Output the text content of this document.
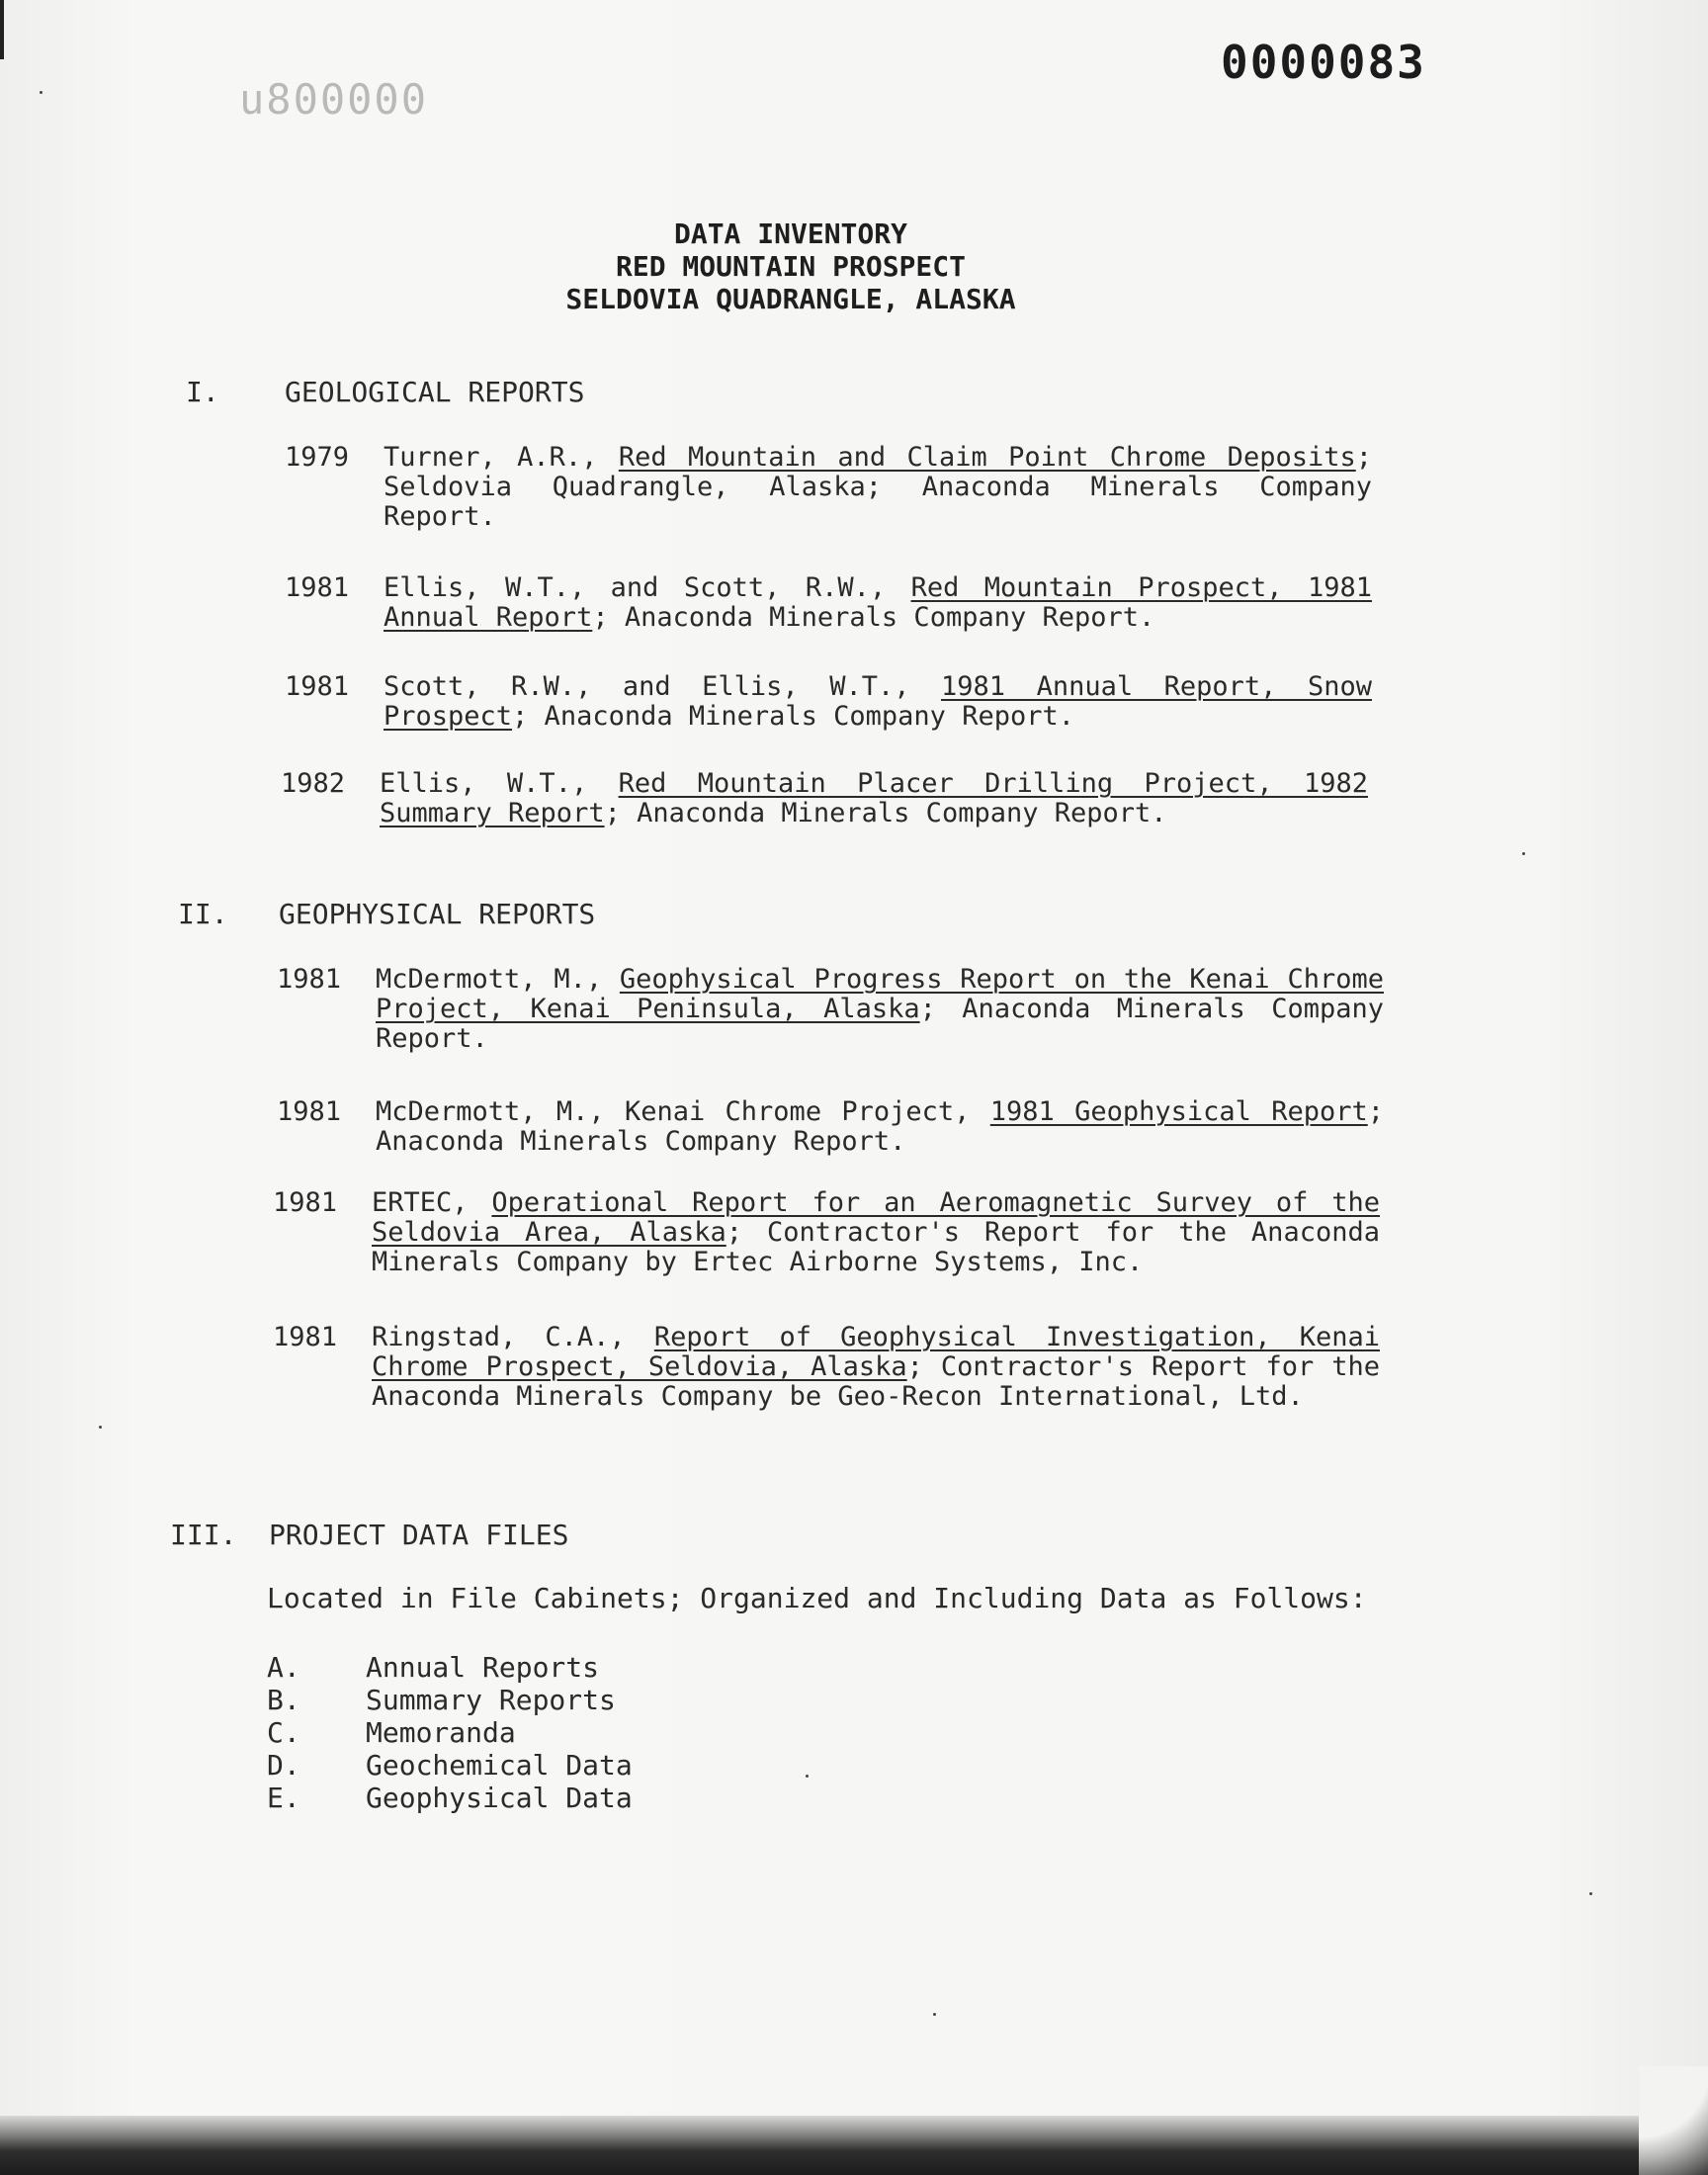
u800000
0000083
DATA INVENTORY
RED MOUNTAIN PROSPECT
SELDOVIA QUADRANGLE, ALASKA
I. GEOLOGICAL REPORTS
1979 Turner, A.R., Red Mountain and Claim Point Chrome Deposits; Seldovia Quadrangle, Alaska; Anaconda Minerals Company Report.
1981 Ellis, W.T., and Scott, R.W., Red Mountain Prospect, 1981 Annual Report; Anaconda Minerals Company Report.
1981 Scott, R.W., and Ellis, W.T., 1981 Annual Report, Snow Prospect; Anaconda Minerals Company Report.
1982 Ellis, W.T., Red Mountain Placer Drilling Project, 1982 Summary Report; Anaconda Minerals Company Report.
II. GEOPHYSICAL REPORTS
1981 McDermott, M., Geophysical Progress Report on the Kenai Chrome Project, Kenai Peninsula, Alaska; Anaconda Minerals Company Report.
1981 McDermott, M., Kenai Chrome Project, 1981 Geophysical Report; Anaconda Minerals Company Report.
1981 ERTEC, Operational Report for an Aeromagnetic Survey of the Seldovia Area, Alaska; Contractor's Report for the Anaconda Minerals Company by Ertec Airborne Systems, Inc.
1981 Ringstad, C.A., Report of Geophysical Investigation, Kenai Chrome Prospect, Seldovia, Alaska; Contractor's Report for the Anaconda Minerals Company be Geo-Recon International, Ltd.
III. PROJECT DATA FILES
Located in File Cabinets; Organized and Including Data as Follows:
A. Annual Reports
B. Summary Reports
C. Memoranda
D. Geochemical Data
E. Geophysical Data
